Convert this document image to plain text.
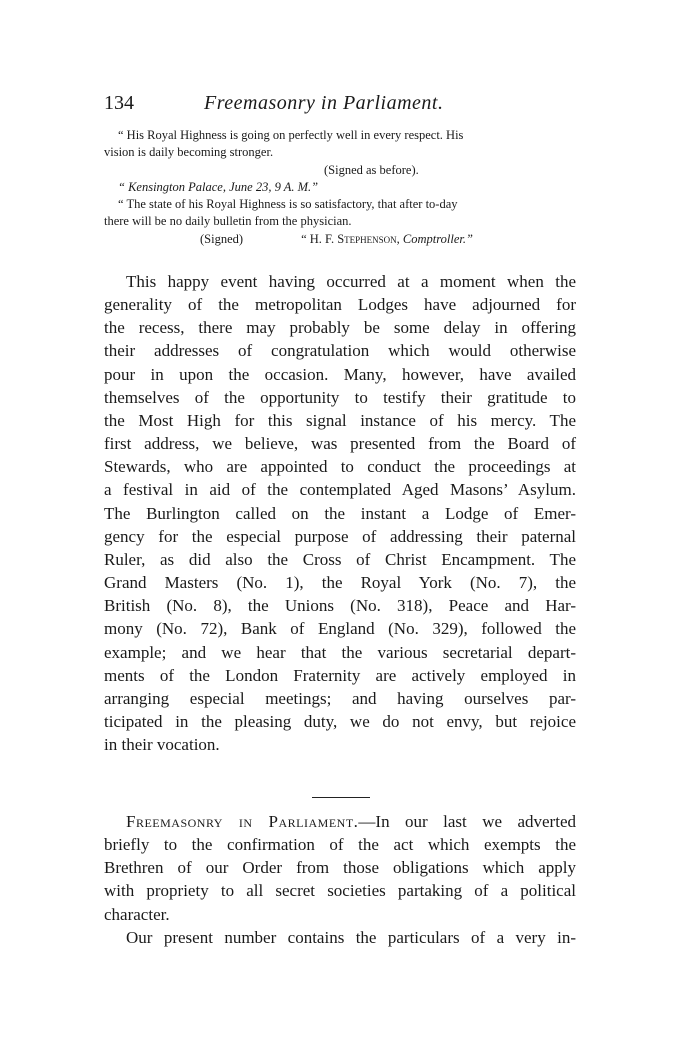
134	Freemasonry in Parliament.
“ His Royal Highness is going on perfectly well in every respect. His
vision is daily becoming stronger.
(Signed as before).
“ Kensington Palace, June 23, 9 A. M.”
“ The state of his Royal Highness is so satisfactory, that after to-day
there will be no daily bulletin from the physician.
(Signed)	“ H. F. Stephenson, Comptroller.”
This happy event having occurred at a moment when the
generality of the metropolitan Lodges have adjourned for
the recess, there may probably be some delay in offering
their addresses of congratulation which would otherwise
pour in upon the occasion. Many, however, have availed
themselves of the opportunity to testify their gratitude to
the Most High for this signal instance of his mercy. The
first address, we believe, was presented from the Board of
Stewards, who are appointed to conduct the proceedings at
a festival in aid of the contemplated Aged Masons’ Asylum.
The Burlington called on the instant a Lodge of Emer-
gency for the especial purpose of addressing their paternal
Ruler, as did also the Cross of Christ Encampment. The
Grand Masters (No. 1), the Royal York (No. 7), the
British (No. 8), the Unions (No. 318), Peace and Har-
mony (No. 72), Bank of England (No. 329), followed the
example; and we hear that the various secretarial depart-
ments of the London Fraternity are actively employed in
arranging especial meetings; and having ourselves par-
ticipated in the pleasing duty, we do not envy, but rejoice
in their vocation.
Freemasonry in Parliament.—In our last we adverted
briefly to the confirmation of the act which exempts the
Brethren of our Order from those obligations which apply
with propriety to all secret societies partaking of a political
character.
Our present number contains the particulars of a very in-
